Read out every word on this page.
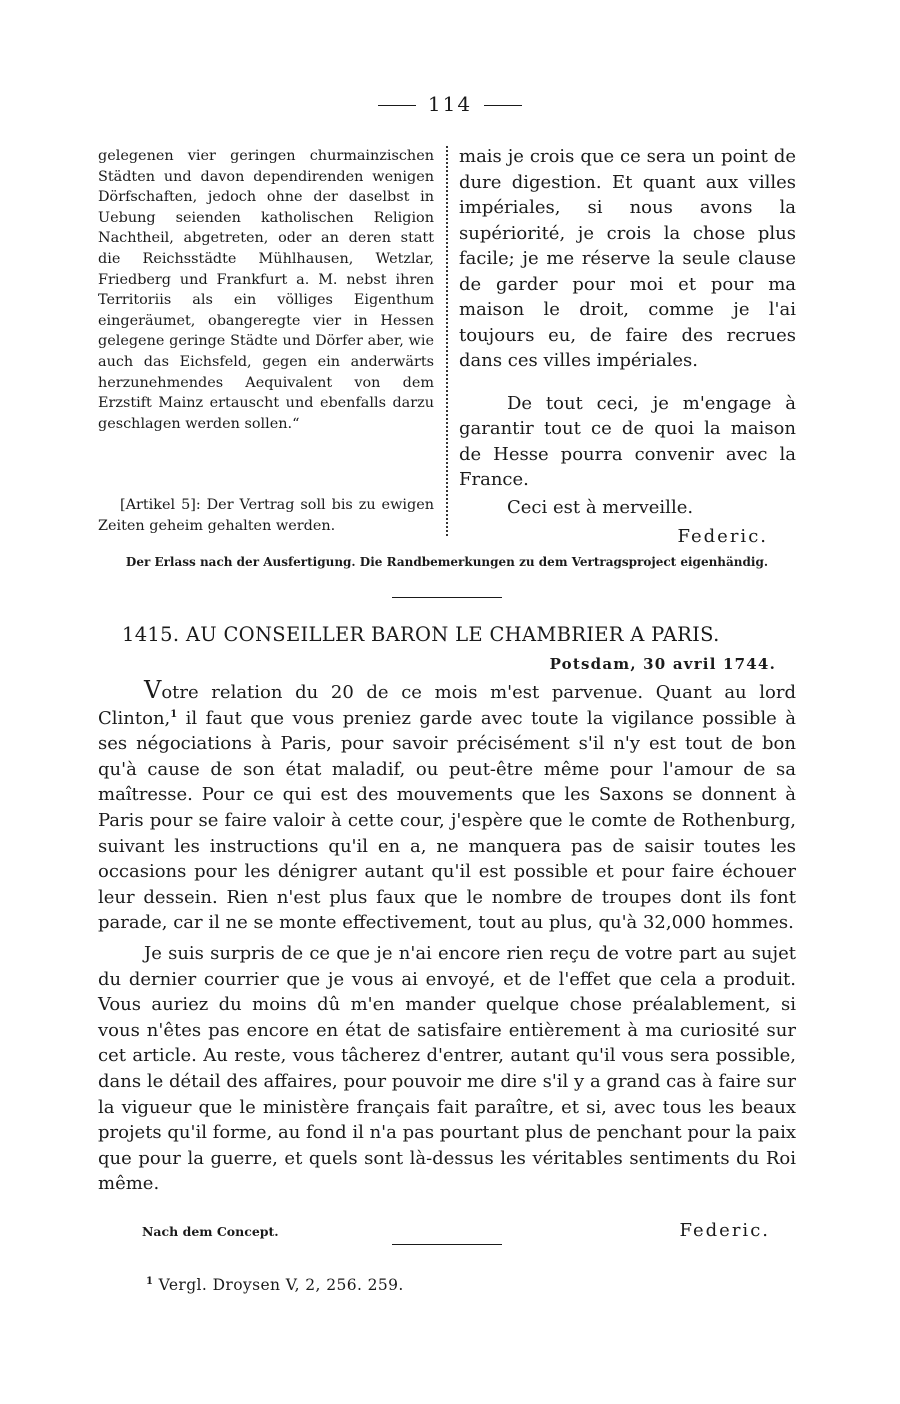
114

gelegenen vier geringen churmainzischen Städten und davon dependirenden wenigen Dörfschaften, jedoch ohne der daselbst in Uebung seienden katholischen Religion Nachtheil, abgetreten, oder an deren statt die Reichsstädte Mühlhausen, Wetzlar, Friedberg und Frankfurt a. M. nebst ihren Territoriis als ein völliges Eigenthum eingeräumet, obangeregte vier in Hessen gelegene geringe Städte und Dörfer aber, wie auch das Eichsfeld, gegen ein anderwärts herzunehmendes Aequivalent von dem Erzstift Mainz ertauscht und ebenfalls darzu geschlagen werden sollen.“

[Artikel 5]: Der Vertrag soll bis zu ewigen Zeiten geheim gehalten werden.

mais je crois que ce sera un point de dure digestion. Et quant aux villes impériales, si nous avons la supériorité, je crois la chose plus facile; je me réserve la seule clause de garder pour moi et pour ma maison le droit, comme je l'ai toujours eu, de faire des recrues dans ces villes impériales.

De tout ceci, je m'engage à garantir tout ce de quoi la maison de Hesse pourra convenir avec la France.

Ceci est à merveille.

Federic.

Der Erlass nach der Ausfertigung. Die Randbemerkungen zu dem Vertragsproject eigenhändig.
1415. AU CONSEILLER BARON LE CHAMBRIER A PARIS.
Potsdam, 30 avril 1744.

Votre relation du 20 de ce mois m'est parvenue. Quant au lord Clinton,$^1$ il faut que vous preniez garde avec toute la vigilance possible à ses négociations à Paris, pour savoir précisément s'il n'y est tout de bon qu'à cause de son état maladif, ou peut-être même pour l'amour de sa maîtresse. Pour ce qui est des mouvements que les Saxons se donnent à Paris pour se faire valoir à cette cour, j'espère que le comte de Rothenburg, suivant les instructions qu'il en a, ne manquera pas de saisir toutes les occasions pour les dénigrer autant qu'il est possible et pour faire échouer leur dessein. Rien n'est plus faux que le nombre de troupes dont ils font parade, car il ne se monte effectivement, tout au plus, qu'à 32,000 hommes.

Je suis surpris de ce que je n'ai encore rien reçu de votre part au sujet du dernier courrier que je vous ai envoyé, et de l'effet que cela a produit. Vous auriez du moins dû m'en mander quelque chose préalablement, si vous n'êtes pas encore en état de satisfaire entièrement à ma curiosité sur cet article. Au reste, vous tâcherez d'entrer, autant qu'il vous sera possible, dans le détail des affaires, pour pouvoir me dire s'il y a grand cas à faire sur la vigueur que le ministère français fait paraître, et si, avec tous les beaux projets qu'il forme, au fond il n'a pas pourtant plus de penchant pour la paix que pour la guerre, et quels sont là-dessus les véritables sentiments du Roi même.

Nach dem Concept.	Federic.
$^1$ Vergl. Droysen V, 2, 256. 259.
